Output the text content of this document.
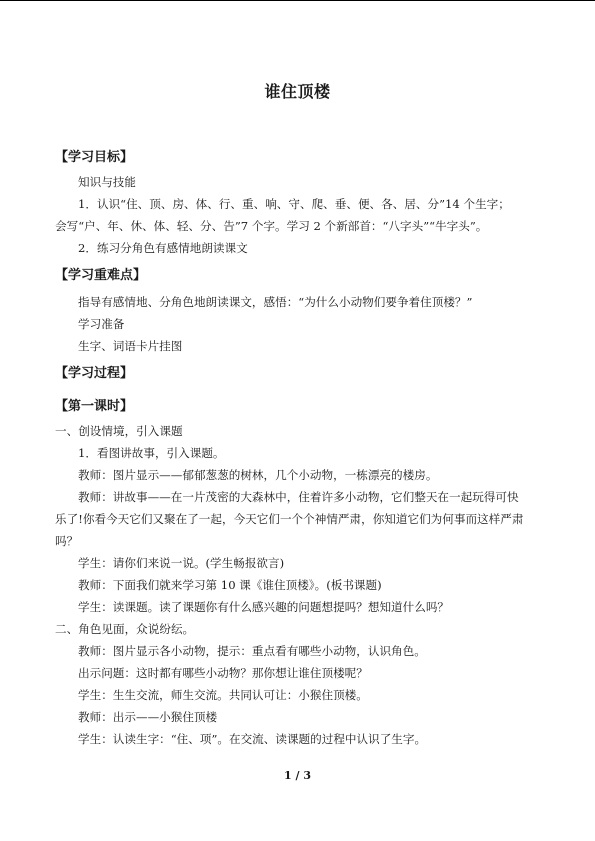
谁住顶楼
【学习目标】
知识与技能
1．认识“住、顶、房、体、行、重、响、守、爬、垂、便、各、居、分”14 个生字；
会写“户、年、休、体、轻、分、告”7 个字。学习 2 个新部首：“八字头”“牛字头”。
2．练习分角色有感情地朗读课文
【学习重难点】
指导有感情地、分角色地朗读课文，感悟：“为什么小动物们要争着住顶楼？”
学习准备
生字、词语卡片挂图
【学习过程】
【第一课时】
一、创设情境，引入课题
1．看图讲故事，引入课题。
教师：图片显示——郁郁葱葱的树林，几个小动物，一栋漂亮的楼房。
教师：讲故事——在一片茂密的大森林中，住着许多小动物，它们整天在一起玩得可快
乐了!你看今天它们又聚在了一起，今天它们一个个神情严肃，你知道它们为何事而这样严肃
吗？
学生：请你们来说一说。(学生畅报欲言)
教师：下面我们就来学习第 10 课《谁住顶楼》。(板书课题)
学生：读课题。读了课题你有什么感兴趣的问题想提吗？想知道什么吗？
二、角色见面，众说纷纭。
教师：图片显示各小动物，提示：重点看有哪些小动物，认识角色。
出示问题：这时都有哪些小动物？那你想让谁住顶楼呢？
学生：生生交流，师生交流。共同认可让：小猴住顶楼。
教师：出示——小猴住顶楼
学生：认读生字：“住、项”。在交流、读课题的过程中认识了生字。
1 / 3
